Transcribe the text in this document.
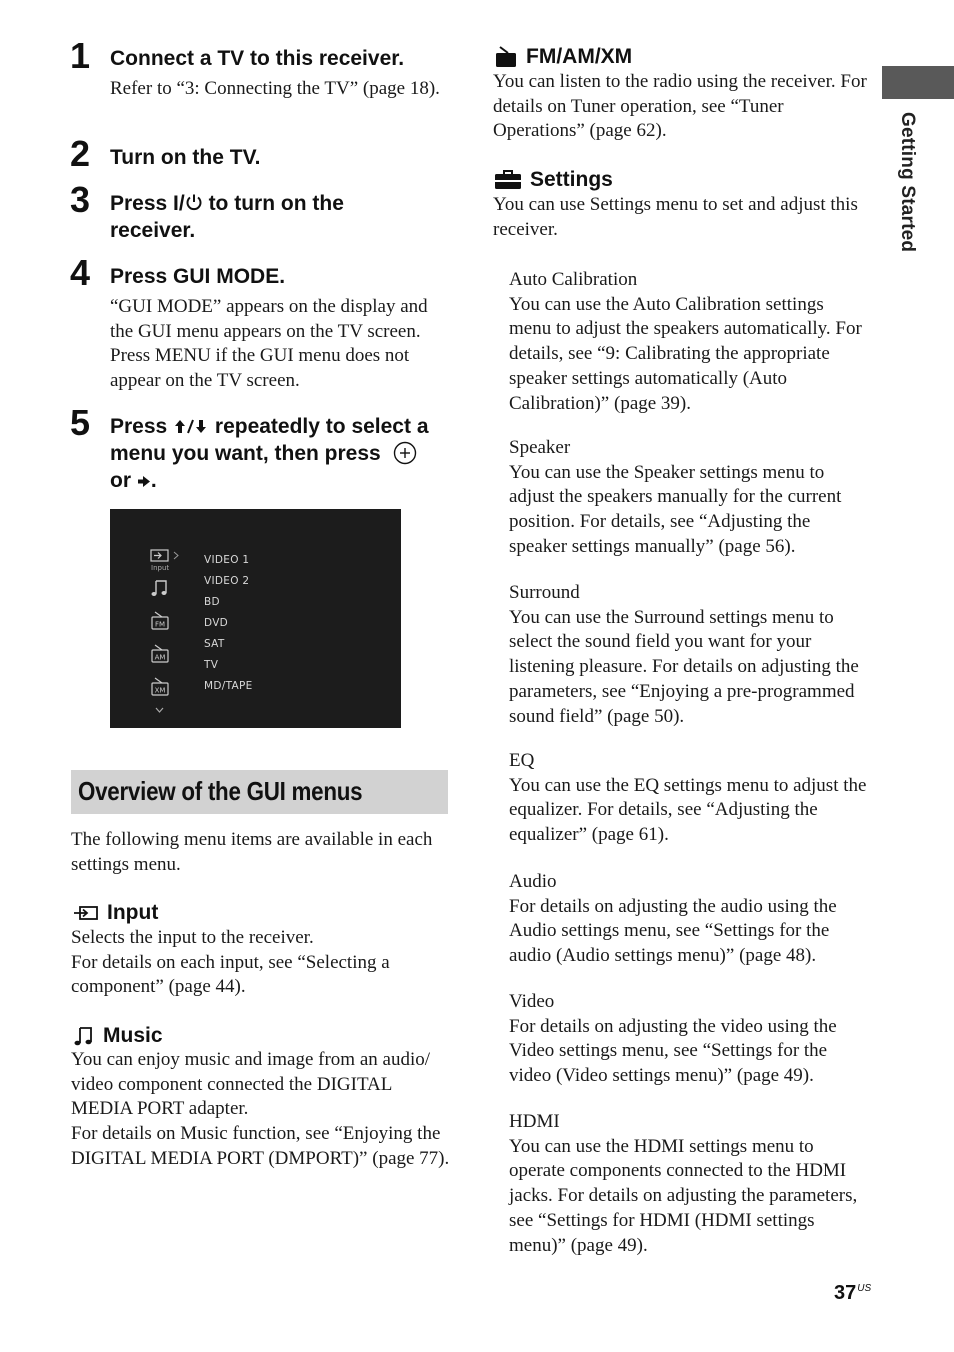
1 Connect a TV to this receiver.
Refer to “3: Connecting the TV” (page 18).
2 Turn on the TV.
3 Press I/ to turn on the
receiver.
4 Press GUI MODE.
“GUI MODE” appears on the display and the GUI menu appears on the TV screen. Press MENU if the GUI menu does not appear on the TV screen.
5 Press  repeatedly to select a
menu you want, then press
or .
Input
FM
AM
XM
VIDEO 1
VIDEO 2
BD
DVD
SAT
TV
MD/TAPE
Overview of the GUI menus
The following menu items are available in each settings menu.
Input

Selects the input to the receiver.

For details on each input, see “Selecting a component” (page 44).

Music

You can enjoy music and image from an audio/ video component connected the DIGITAL MEDIA PORT adapter.

For details on Music function, see “Enjoying the DIGITAL MEDIA PORT (DMPORT)” (page 77).

FM/AM/XM
You can listen to the radio using the receiver. For details on Tuner operation, see “Tuner Operations” (page 62).
Settings
You can use Settings menu to set and adjust this receiver.

Auto Calibration

You can use the Auto Calibration settings menu to adjust the speakers automatically. For details, see “9: Calibrating the appropriate speaker settings automatically (Auto Calibration)” (page 39).

Speaker

You can use the Speaker settings menu to adjust the speakers manually for the current position. For details, see “Adjusting the speaker settings manually” (page 56).

Surround

You can use the Surround settings menu to select the sound field you want for your listening pleasure. For details on adjusting the parameters, see “Enjoying a pre-programmed sound field” (page 50).

EQ

You can use the EQ settings menu to adjust the equalizer. For details, see “Adjusting the equalizer” (page 61).

Audio

For details on adjusting the audio using the Audio settings menu, see “Settings for the audio (Audio settings menu)” (page 48).

Video

For details on adjusting the video using the Video settings menu, see “Settings for the video (Video settings menu)” (page 49).

HDMI

You can use the HDMI settings menu to operate components connected to the HDMI jacks. For details on adjusting the parameters, see “Settings for HDMI (HDMI settings menu)” (page 49).

Getting Started
$37^{US}$
